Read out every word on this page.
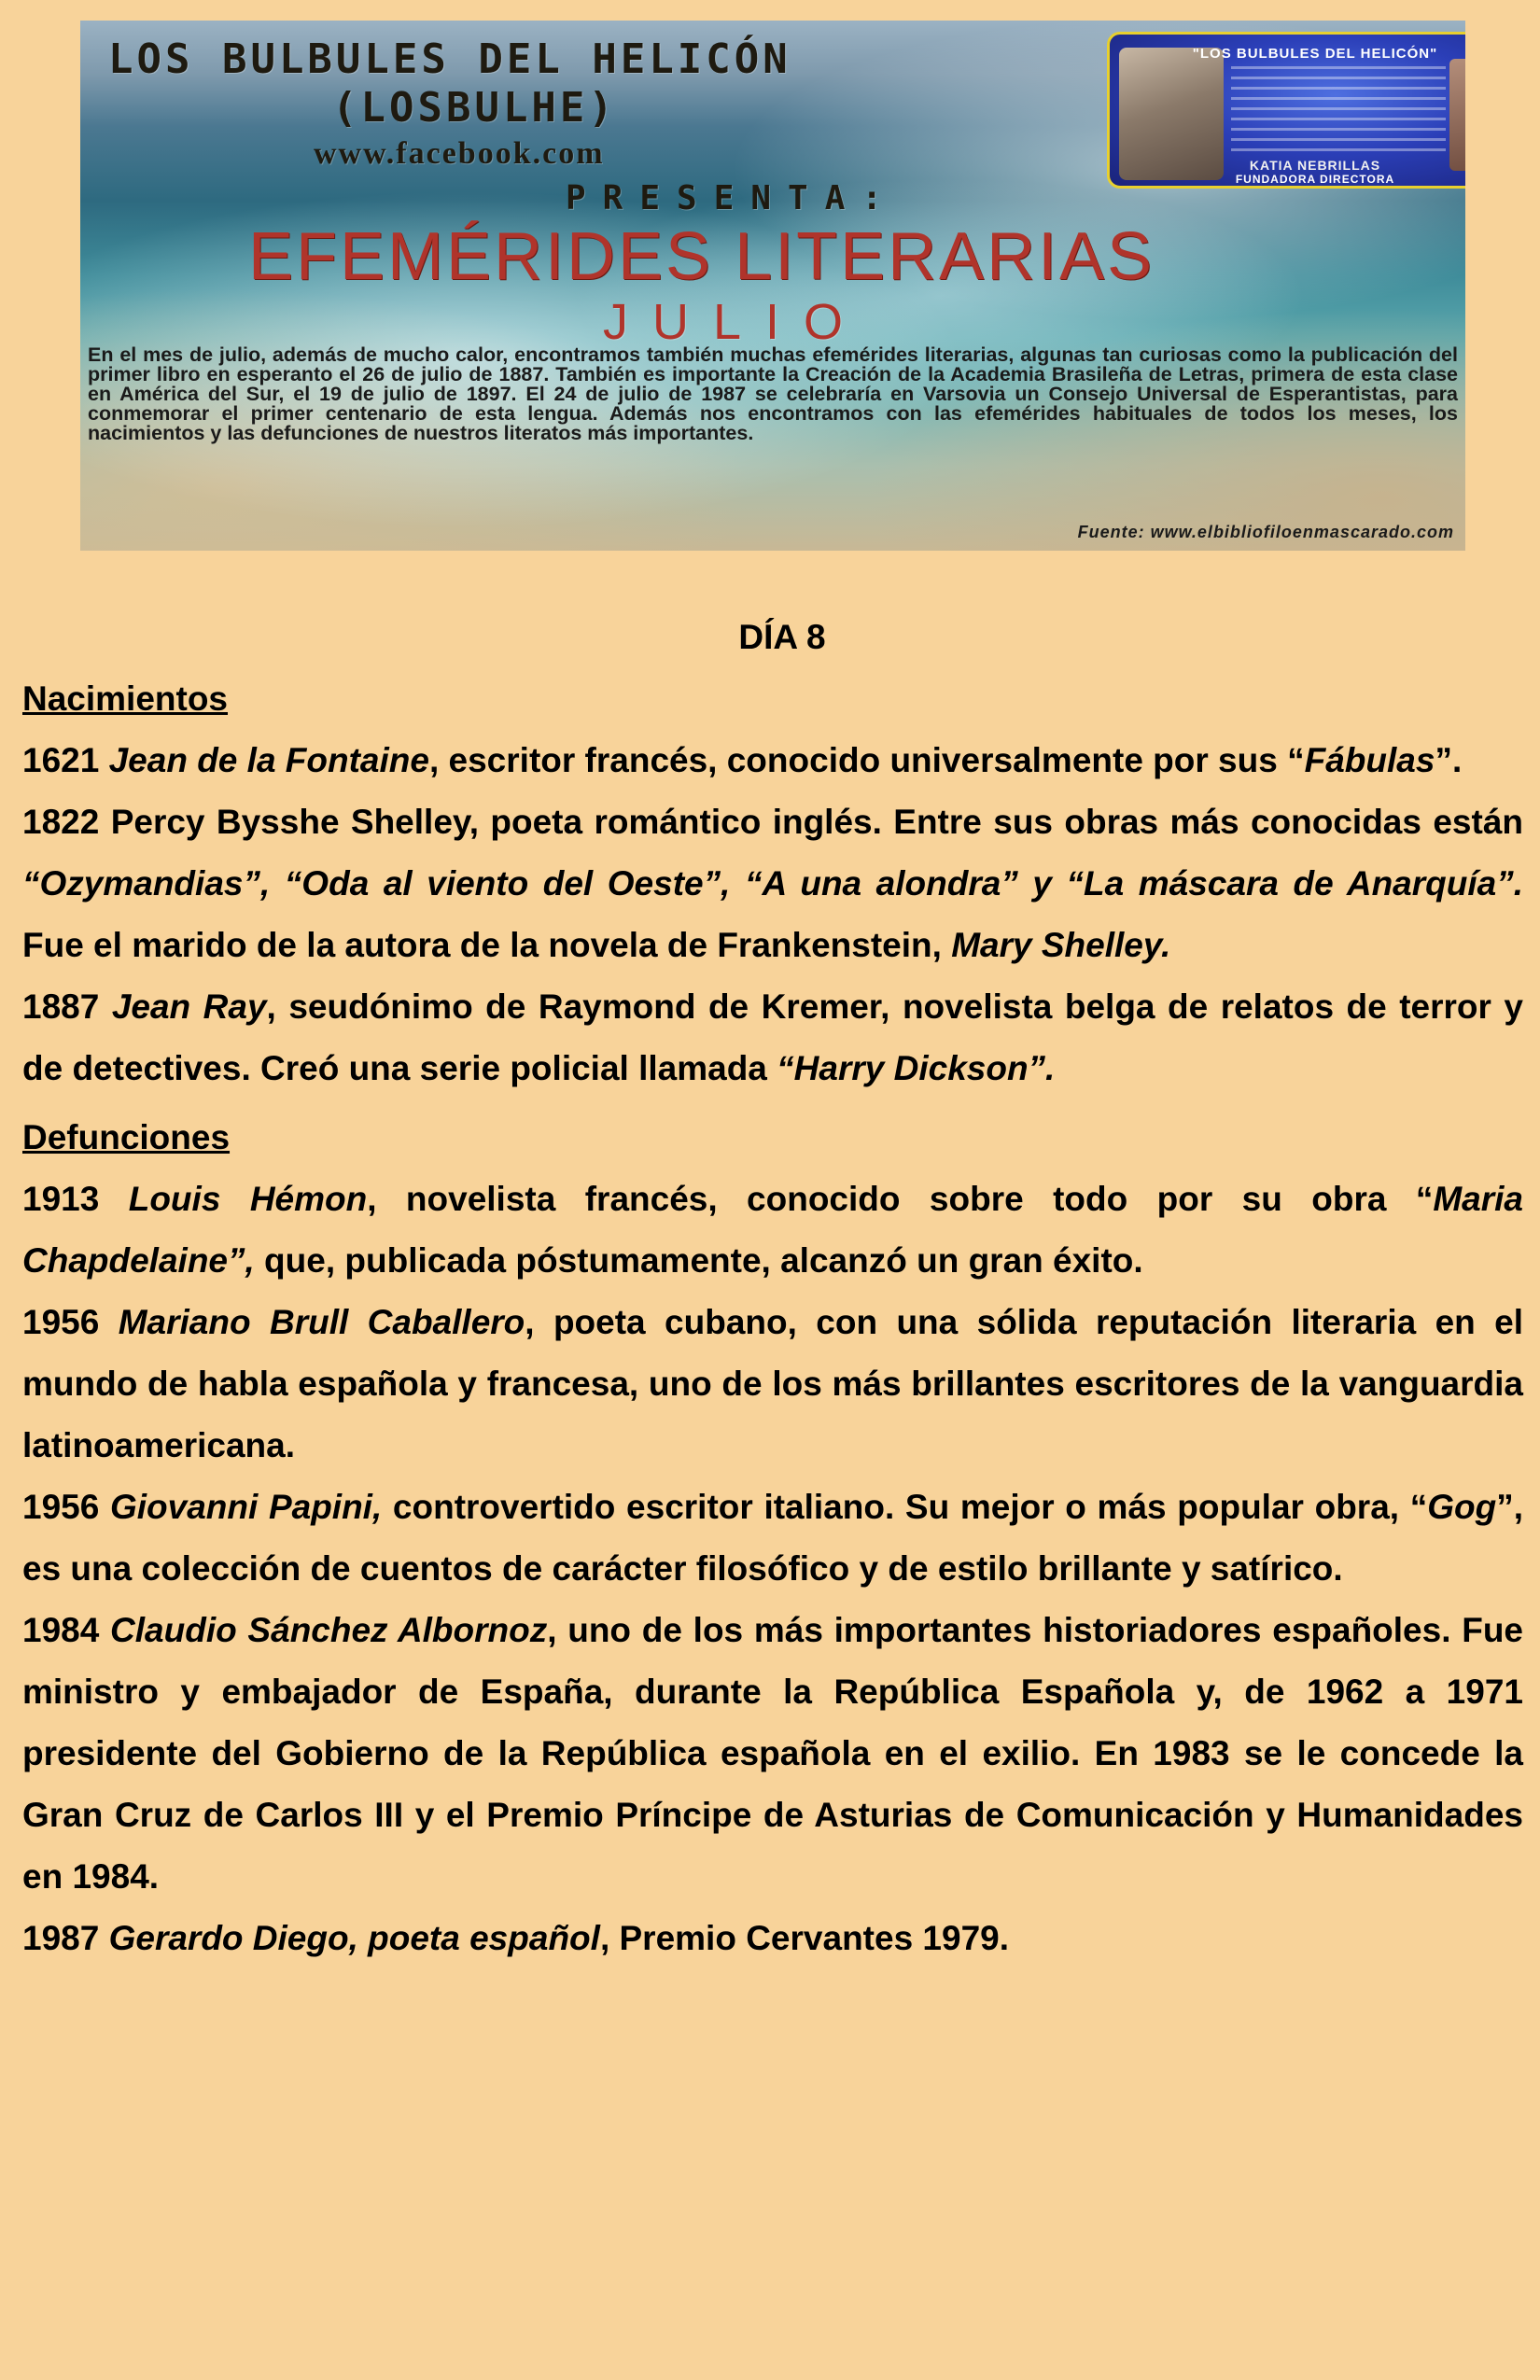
LOS BULBULES DEL HELICÓN
(LOSBULHE)
www.facebook.com
PRESENTA:
EFEMÉRIDES LITERARIAS
JULIO
En el mes de julio, además de mucho calor, encontramos también muchas efemérides literarias, algunas tan curiosas como la publicación del primer libro en esperanto el 26 de julio de 1887. También es importante la Creación de la Academia Brasileña de Letras, primera de esta clase en América del Sur, el 19 de julio de 1897. El 24 de julio de 1987 se celebraría en Varsovia un Consejo Universal de Esperantistas, para conmemorar el primer centenario de esta lengua. Además nos encontramos con las efemérides habituales de todos los meses, los nacimientos y las defunciones de nuestros literatos más importantes.
Fuente: www.elbibliofiloenmascarado.com
"LOS BULBULES DEL HELICÓN"
KATIA NEBRILLAS
FUNDADORA DIRECTORA

DÍA 8

Nacimientos

1621 Jean de la Fontaine, escritor francés, conocido universalmente por sus “Fábulas”.

1822 Percy Bysshe Shelley, poeta romántico inglés. Entre sus obras más conocidas están “Ozymandias”, “Oda al viento del Oeste”, “A una alondra” y “La máscara de Anarquía”. Fue el marido de la autora de la novela de Frankenstein, Mary Shelley.

1887 Jean Ray, seudónimo de Raymond de Kremer, novelista belga de relatos de terror y de detectives. Creó una serie policial llamada “Harry Dickson”.

Defunciones

1913 Louis Hémon, novelista francés, conocido sobre todo por su obra “Maria Chapdelaine”, que, publicada póstumamente, alcanzó un gran éxito.

1956 Mariano Brull Caballero, poeta cubano, con una sólida reputación literaria en el mundo de habla española y francesa, uno de los más brillantes escritores de la vanguardia latinoamericana.

1956 Giovanni Papini, controvertido escritor italiano. Su mejor o más popular obra, “Gog”, es una colección de cuentos de carácter filosófico y de estilo brillante y satírico.

1984 Claudio Sánchez Albornoz, uno de los más importantes historiadores españoles. Fue ministro y embajador de España, durante la República Española y, de 1962 a 1971 presidente del Gobierno de la República española en el exilio. En 1983 se le concede la Gran Cruz de Carlos III y el Premio Príncipe de Asturias de Comunicación y Humanidades en 1984.

1987 Gerardo Diego, poeta español, Premio Cervantes 1979.
